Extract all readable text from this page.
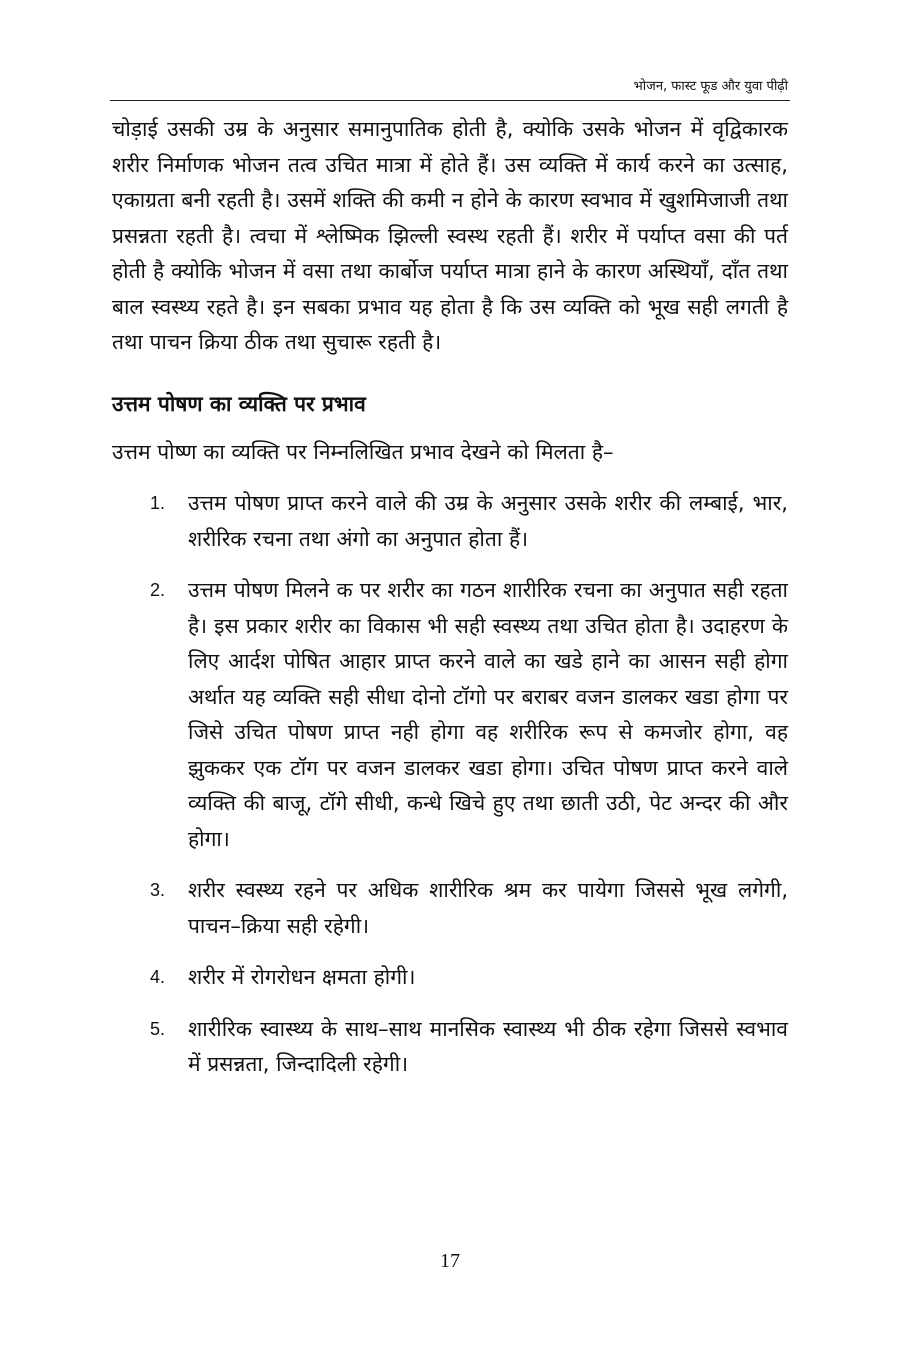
भोजन, फास्ट फूड और युवा पीढ़ी

चोड़ाई उसकी उम्र के अनुसार समानुपातिक होती है, क्योकि उसके भोजन में वृद्विकारक शरीर निर्माणक भोजन तत्व उचित मात्रा में होते हैं। उस व्यक्ति में कार्य करने का उत्साह, एकाग्रता बनी रहती है। उसमें शक्ति की कमी न होने के कारण स्वभाव में खुशमिजाजी तथा प्रसन्नता रहती है। त्वचा में श्लेष्मिक झिल्ली स्वस्थ रहती हैं। शरीर में पर्याप्त वसा की पर्त होती है क्योकि भोजन में वसा तथा कार्बोज पर्याप्त मात्रा हाने के कारण अस्थियॉं, दॉंत तथा बाल स्वस्थ्य रहते है। इन सबका प्रभाव यह होता है कि उस व्यक्ति को भूख सही लगती है तथा पाचन क्रिया ठीक तथा सुचारू रहती है।

उत्तम पोषण का व्यक्ति पर प्रभाव

उत्तम पोष्ण का व्यक्ति पर निम्नलिखित प्रभाव देखने को मिलता है–

1. उत्तम पोषण प्राप्त करने वाले की उम्र के अनुसार उसके शरीर की लम्बाई, भार, शरीरिक रचना तथा अंगो का अनुपात होता हैं।

2. उत्तम पोषण मिलने क पर शरीर का गठन शारीरिक रचना का अनुपात सही रहता है। इस प्रकार शरीर का विकास भी सही स्वस्थ्य तथा उचित होता है। उदाहरण के लिए आर्दश पोषित आहार प्राप्त करने वाले का खडे हाने का आसन सही होगा अर्थात यह व्यक्ति सही सीधा दोनो टॉगो पर बराबर वजन डालकर खडा होगा पर जिसे उचित पोषण प्राप्त नही होगा वह शरीरिक रूप से कमजोर होगा, वह झुककर एक टॉग पर वजन डालकर खडा होगा। उचित पोषण प्राप्त करने वाले व्यक्ति की बाजू, टॉगे सीधी, कन्धे खिचे हुए तथा छाती उठी, पेट अन्दर की और होगा।

3. शरीर स्वस्थ्य रहने पर अधिक शारीरिक श्रम कर पायेगा जिससे भूख लगेगी, पाचन–क्रिया सही रहेगी।

4. शरीर में रोगरोधन क्षमता होगी।

5. शारीरिक स्वास्थ्य के साथ–साथ मानसिक स्वास्थ्य भी ठीक रहेगा जिससे स्वभाव में प्रसन्नता, जिन्दादिली रहेगी।

17
